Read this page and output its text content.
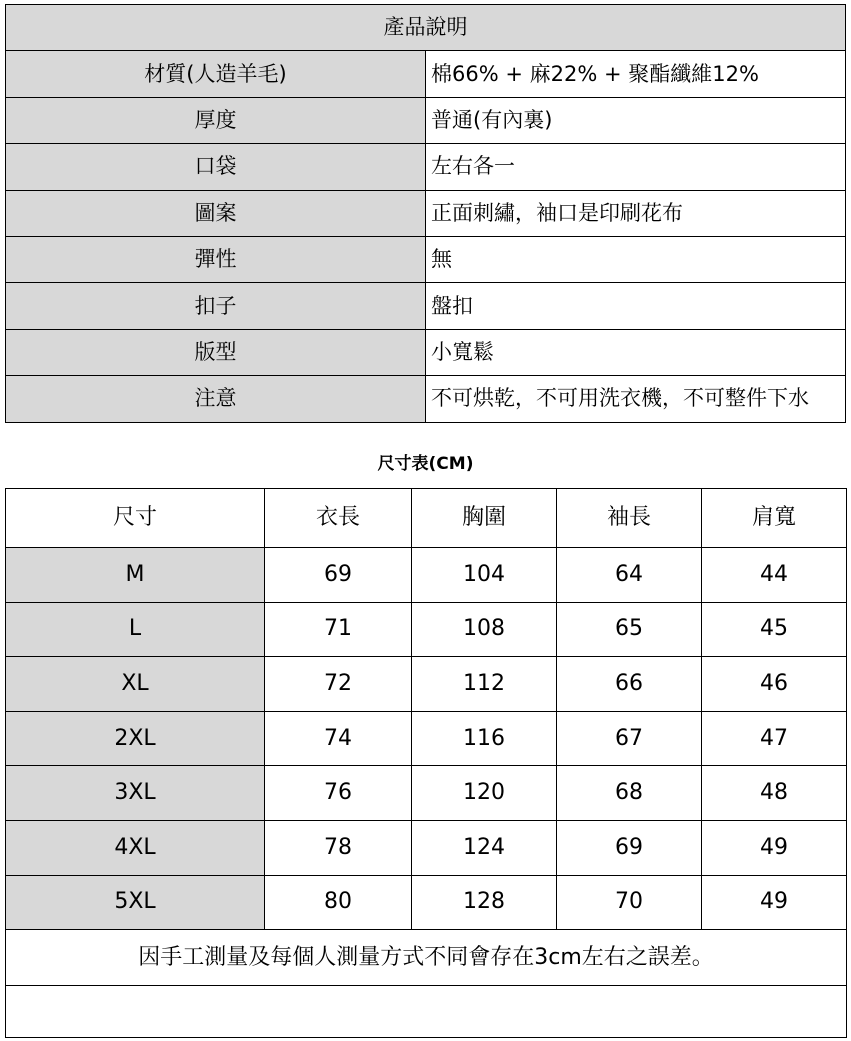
產品說明	
材質(人造羊毛)	棉66% + 麻22% + 聚酯纖維12%
厚度	普通(有內裏)
口袋	左右各一
圖案	正面刺繡，袖口是印刷花布
彈性	無
扣子	盤扣
版型	小寬鬆
注意	不可烘乾，不可用洗衣機，不可整件下水
尺寸表(CM)
尺寸	衣長	胸圍	袖長	肩寬
M	69	104	64	44
L	71	108	65	45
XL	72	112	66	46
2XL	74	116	67	47
3XL	76	120	68	48
4XL	78	124	69	49
5XL	80	128	70	49
因手工測量及每個人測量方式不同會存在3cm左右之誤差。				
